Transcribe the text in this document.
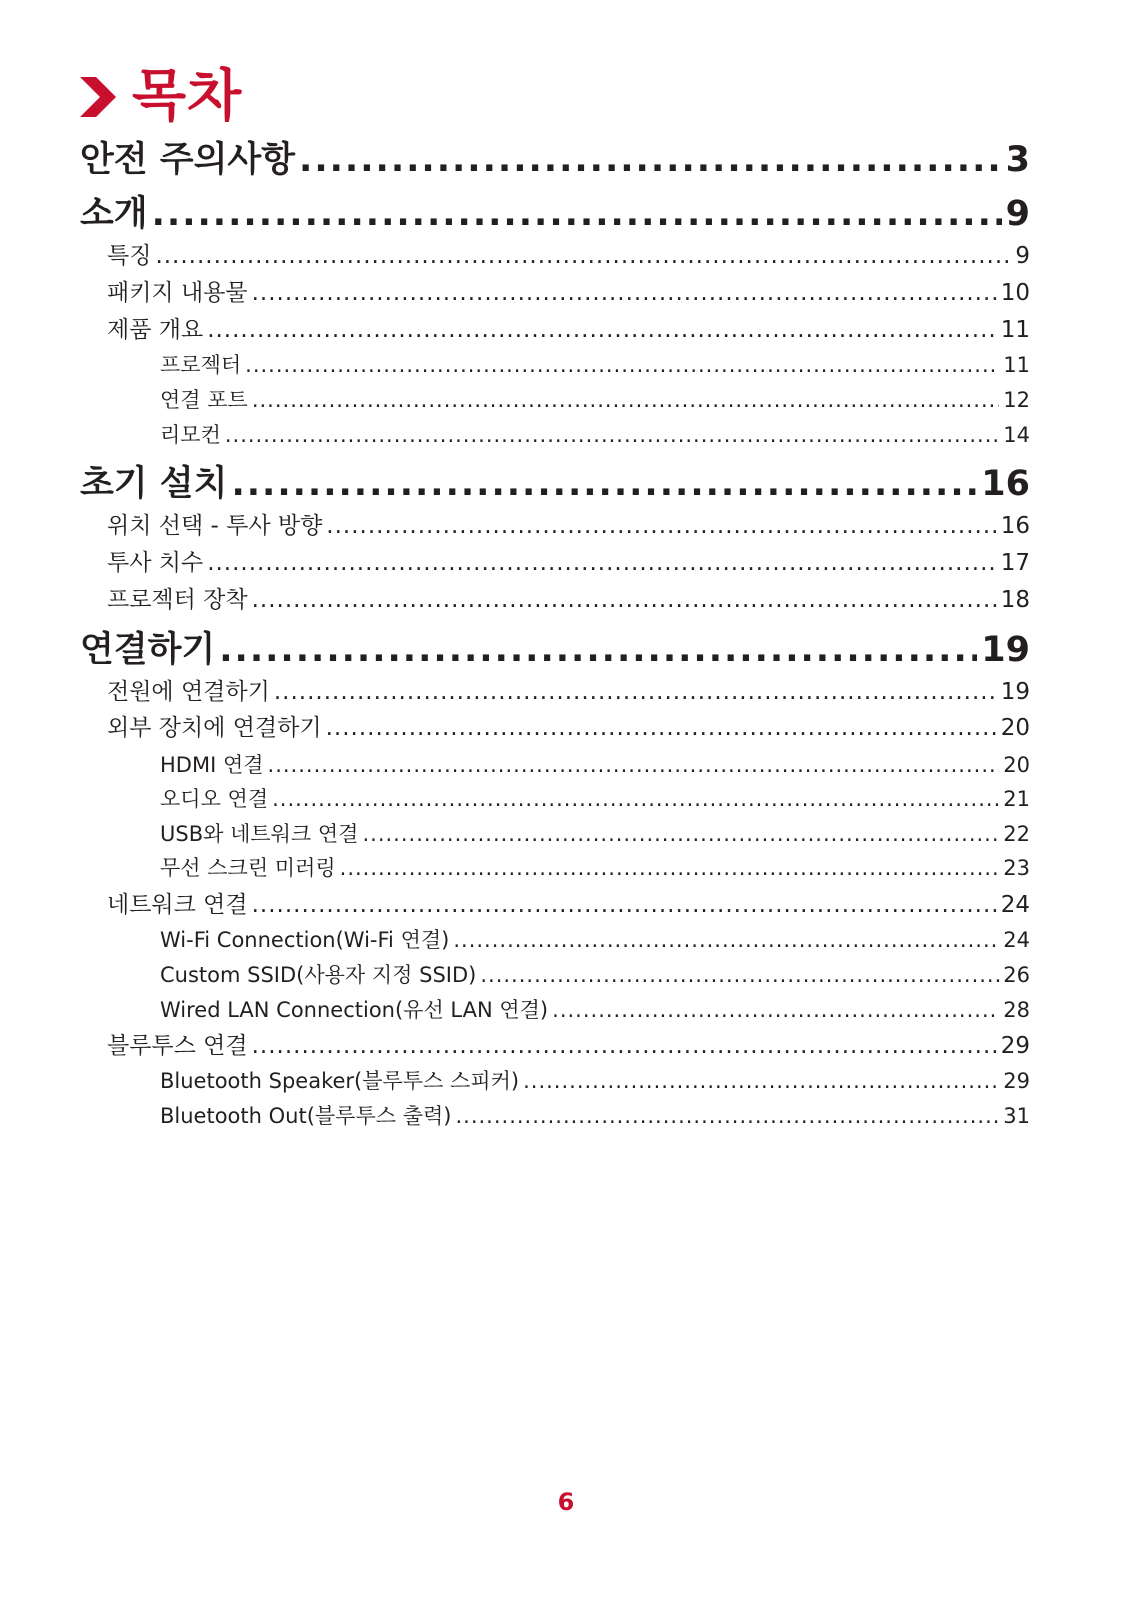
목차
안전 주의사항 .....	3
소개 .....	9
특징 .....	9
패키지 내용물 .....	10
제품 개요 .....	11
프로젝터 .....	11
연결 포트 .....	12
리모컨 .....	14
초기 설치 .....	16
위치 선택 - 투사 방향 .....	16
투사 치수 .....	17
프로젝터 장착 .....	18
연결하기 .....	19
전원에 연결하기 .....	19
외부 장치에 연결하기 .....	20
HDMI 연결 .....	20
오디오 연결 .....	21
USB와 네트워크 연결 .....	22
무선 스크린 미러링 .....	23
네트워크 연결 .....	24
Wi-Fi Connection(Wi-Fi 연결) .....	24
Custom SSID(사용자 지정 SSID) .....	26
Wired LAN Connection(유선 LAN 연결) .....	28
블루투스 연결 .....	29
Bluetooth Speaker(블루투스 스피커) .....	29
Bluetooth Out(블루투스 출력) .....	31
6
